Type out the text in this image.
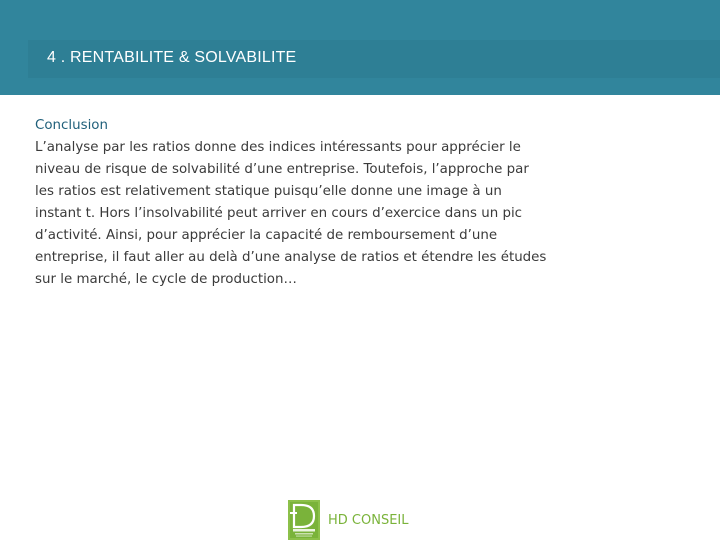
4 . RENTABILITE & SOLVABILITE
Conclusion
L’analyse par les ratios donne des indices intéressants pour apprécier le
niveau de risque de solvabilité d’une entreprise. Toutefois, l’approche par
les ratios est relativement statique puisqu’elle donne une image à un
instant t. Hors l’insolvabilité peut arriver en cours d’exercice dans un pic
d’activité. Ainsi, pour apprécier la capacité de remboursement d’une
entreprise, il faut aller au delà d’une analyse de ratios et étendre les études
sur le marché, le cycle de production…
HD CONSEIL
